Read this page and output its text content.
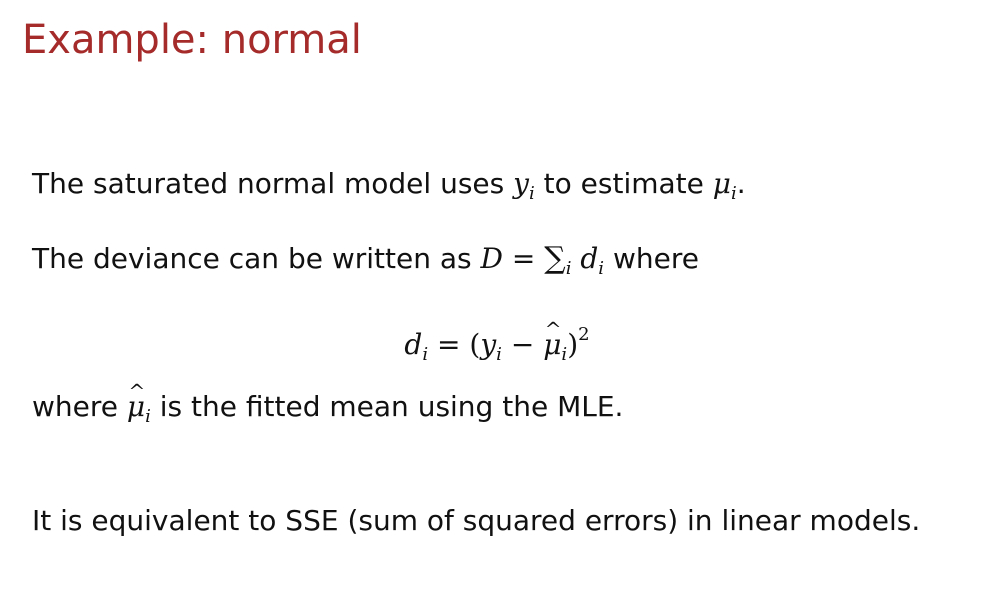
Example: normal
The saturated normal model uses $y_i$ to estimate $\mu_i$.
The deviance can be written as $D = \sum_i$ $d_i$ where
$d_i = (y_i$ − ^ $\mu_i)^2$
where ^ $\mu_i$ is the fitted mean using the MLE.
It is equivalent to SSE (sum of squared errors) in linear models.
